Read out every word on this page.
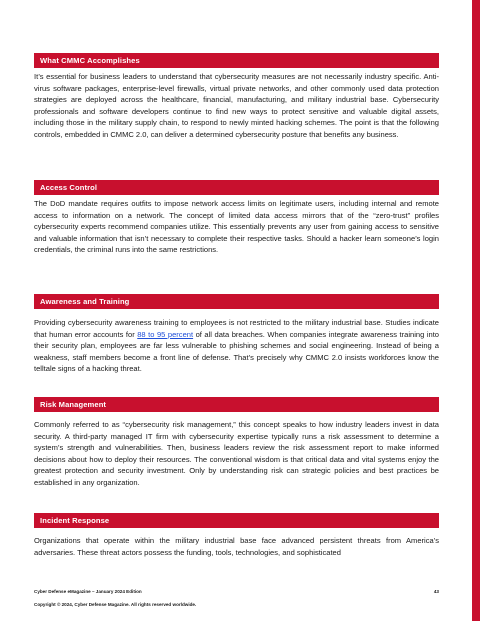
What CMMC Accomplishes

It’s essential for business leaders to understand that cybersecurity measures are not necessarily industry specific. Anti-virus software packages, enterprise-level firewalls, virtual private networks, and other commonly used data protection strategies are deployed across the healthcare, financial, manufacturing, and military industrial base. Cybersecurity professionals and software developers continue to find new ways to protect sensitive and valuable digital assets, including those in the military supply chain, to respond to newly minted hacking schemes. The point is that the following controls, embedded in CMMC 2.0, can deliver a determined cybersecurity posture that benefits any business.

Access Control

The DoD mandate requires outfits to impose network access limits on legitimate users, including internal and remote access to information on a network. The concept of limited data access mirrors that of the “zero-trust” profiles cybersecurity experts recommend companies utilize. This essentially prevents any user from gaining access to sensitive and valuable information that isn’t necessary to complete their respective tasks. Should a hacker learn someone’s login credentials, the criminal runs into the same restrictions.

Awareness and Training

Providing cybersecurity awareness training to employees is not restricted to the military industrial base. Studies indicate that human error accounts for 88 to 95 percent of all data breaches. When companies integrate awareness training into their security plan, employees are far less vulnerable to phishing schemes and social engineering. Instead of being a weakness, staff members become a front line of defense. That’s precisely why CMMC 2.0 insists workforces know the telltale signs of a hacking threat.

Risk Management

Commonly referred to as “cybersecurity risk management,” this concept speaks to how industry leaders invest in data security. A third-party managed IT firm with cybersecurity expertise typically runs a risk assessment to determine a system’s strength and vulnerabilities. Then, business leaders review the risk assessment report to make informed decisions about how to deploy their resources. The conventional wisdom is that critical data and vital systems enjoy the greatest protection and security investment. Only by understanding risk can strategic policies and best practices be established in any organization.

Incident Response

Organizations that operate within the military industrial base face advanced persistent threats from America’s adversaries. These threat actors possess the funding, tools, technologies, and sophisticated

Cyber Defense eMagazine – January 2024 Edition	43
Copyright © 2024, Cyber Defense Magazine. All rights reserved worldwide.
